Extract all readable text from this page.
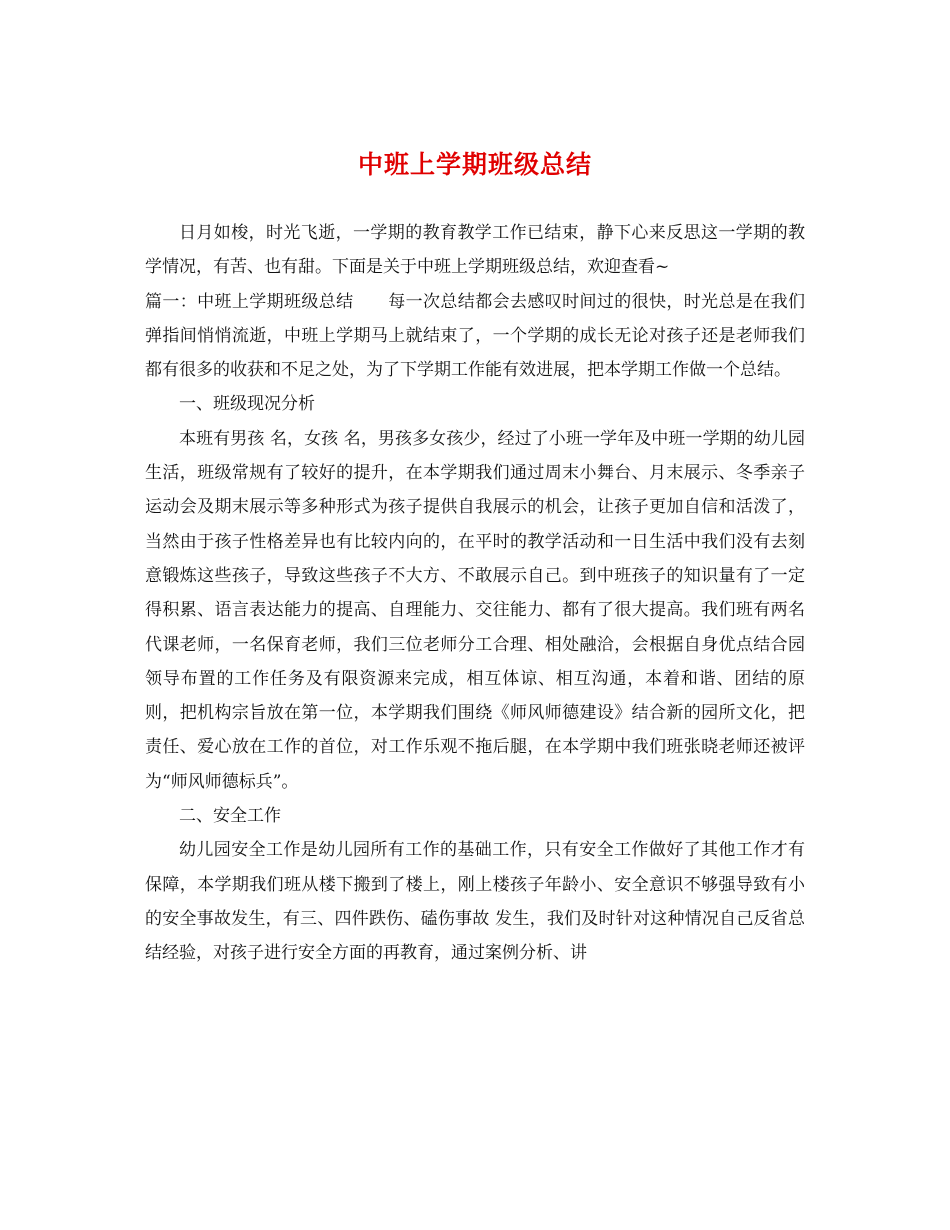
中班上学期班级总结

日月如梭，时光飞逝，一学期的教育教学工作已结束，静下心来反思这一学期的教学情况，有苦、也有甜。下面是关于中班上学期班级总结，欢迎查看~

篇一：中班上学期班级总结　　每一次总结都会去感叹时间过的很快，时光总是在我们弹指间悄悄流逝，中班上学期马上就结束了，一个学期的成长无论对孩子还是老师我们都有很多的收获和不足之处，为了下学期工作能有效进展，把本学期工作做一个总结。

一、班级现况分析

本班有男孩 名，女孩 名，男孩多女孩少，经过了小班一学年及中班一学期的幼儿园生活，班级常规有了较好的提升，在本学期我们通过周末小舞台、月末展示、冬季亲子运动会及期末展示等多种形式为孩子提供自我展示的机会，让孩子更加自信和活泼了，当然由于孩子性格差异也有比较内向的，在平时的教学活动和一日生活中我们没有去刻意锻炼这些孩子，导致这些孩子不大方、不敢展示自己。到中班孩子的知识量有了一定得积累、语言表达能力的提高、自理能力、交往能力、都有了很大提高。我们班有两名代课老师，一名保育老师，我们三位老师分工合理、相处融洽，会根据自身优点结合园领导布置的工作任务及有限资源来完成，相互体谅、相互沟通，本着和谐、团结的原则，把机构宗旨放在第一位，本学期我们围绕《师风师德建设》结合新的园所文化，把责任、爱心放在工作的首位，对工作乐观不拖后腿，在本学期中我们班张晓老师还被评为“师风师德标兵”。

二、安全工作

幼儿园安全工作是幼儿园所有工作的基础工作，只有安全工作做好了其他工作才有保障，本学期我们班从楼下搬到了楼上，刚上楼孩子年龄小、安全意识不够强导致有小的安全事故发生，有三、四件跌伤、磕伤事故 发生，我们及时针对这种情况自己反省总结经验，对孩子进行安全方面的再教育，通过案例分析、讲
